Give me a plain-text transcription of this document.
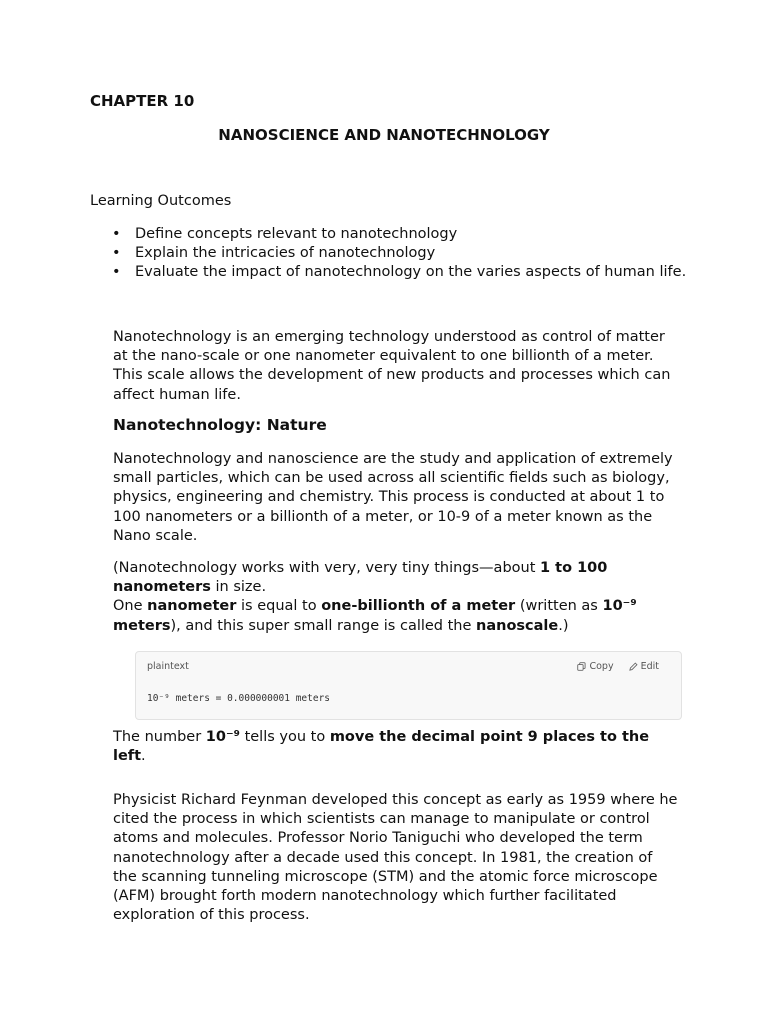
CHAPTER 10
NANOSCIENCE AND NANOTECHNOLOGY
Learning Outcomes
• Define concepts relevant to nanotechnology
• Explain the intricacies of nanotechnology
• Evaluate the impact of nanotechnology on the varies aspects of human life.

Nanotechnology is an emerging technology understood as control of matter at the nano-scale or one nanometer equivalent to one billionth of a meter. This scale allows the development of new products and processes which can affect human life.

Nanotechnology: Nature

Nanotechnology and nanoscience are the study and application of extremely small particles, which can be used across all scientific fields such as biology, physics, engineering and chemistry. This process is conducted at about 1 to 100 nanometers or a billionth of a meter, or 10-9 of a meter known as the Nano scale.

(Nanotechnology works with very, very tiny things—about 1 to 100 nanometers in size.
One nanometer is equal to one-billionth of a meter (written as 10⁻⁹ meters), and this super small range is called the nanoscale.)

plaintext	Copy	Edit
10⁻⁹ meters = 0.000000001 meters

The number 10⁻⁹ tells you to move the decimal point 9 places to the left.

Physicist Richard Feynman developed this concept as early as 1959 where he cited the process in which scientists can manage to manipulate or control atoms and molecules. Professor Norio Taniguchi who developed the term nanotechnology after a decade used this concept. In 1981, the creation of the scanning tunneling microscope (STM) and the atomic force microscope (AFM) brought forth modern nanotechnology which further facilitated exploration of this process.
